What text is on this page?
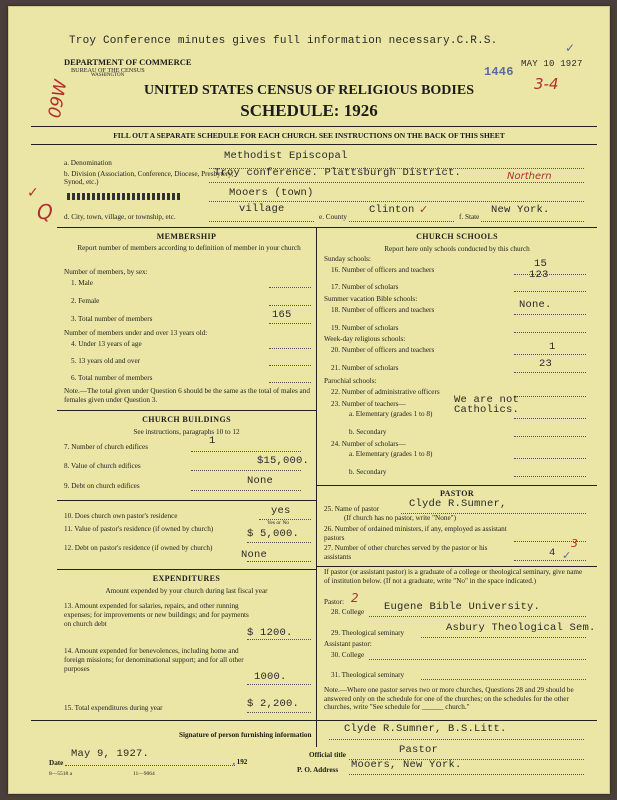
Troy Conference minutes gives full information necessary.C.R.S.	✓
1446
MAY 10 1927
3-4
DEPARTMENT OF COMMERCE
BUREAU OF THE CENSUS
WASHINGTON
09W	UNITED STATES CENSUS OF RELIGIOUS BODIES
SCHEDULE: 1926
FILL OUT A SEPARATE SCHEDULE FOR EACH CHURCH. SEE INSTRUCTIONS ON THE BACK OF THIS SHEET
a. Denomination
Methodist Episcopal
b. Division (Association, Conference, Diocese, Presbytery, Synod, etc.)
Troy conference. Plattsburgh District.	Northern
✓	Mooers (town)
Q d. City, town, village, or township, etc.
village
e. County
Clinton ✓
f. State
New York.
MEMBERSHIP
Report number of members according to definition of member in your church
Number of members, by sex:
1. Male
2. Female
3. Total number of members	165
Number of members under and over 13 years old:
4. Under 13 years of age
5. 13 years old and over
6. Total number of members
Note.—The total given under Question 6 should be the same as the total of males and females given under Question 3.
CHURCH BUILDINGS
See instructions, paragraphs 10 to 12
7. Number of church edifices	1
8. Value of church edifices	$15,000.
9. Debt on church edifices	None
10. Does church own pastor's residence	yes
Yes or No
11. Value of pastor's residence (if owned by church)	$ 5,000.
12. Debt on pastor's residence (if owned by church)
None
EXPENDITURES
Amount expended by your church during last fiscal year
13. Amount expended for salaries, repairs, and other running expenses; for improvements or new buildings; and for payments on church debt
$ 1200.
14. Amount expended for benevolences, including home and foreign missions; for denominational support; and for all other purposes
1000.
15. Total expenditures during year	$ 2,200.
CHURCH SCHOOLS
Report here only schools conducted by this church
Sunday schools:
16. Number of officers and teachers	15
17. Number of scholars
123
Summer vacation Bible schools:
18. Number of officers and teachers	None.
19. Number of scholars
Week-day religious schools:
20. Number of officers and teachers	1
21. Number of scholars	23
Parochial schools:
22. Number of administrative officers
23. Number of teachers—	We are not Catholics.
a. Elementary (grades 1 to 8)
b. Secondary
24. Number of scholars—
a. Elementary (grades 1 to 8)
b. Secondary
PASTOR
25. Name of pastor	Clyde R.Sumner,
(If church has no pastor, write "None")
26. Number of ordained ministers, if any, employed as assistant pastors
27. Number of other churches served by the pastor or his assistants	4 ✓
3
If pastor (or assistant pastor) is a graduate of a college or theological seminary, give name of institution below. (If not a graduate, write "No" in the space indicated.)
Pastor: 2
28. College Eugene Bible University.
29. Theological seminary	Asbury Theological Sem.
Assistant pastor:
30. College
31. Theological seminary
Note.—Where one pastor serves two or more churches, Questions 28 and 29 should be answered only on the schedule for one of the churches; on the schedules for the other churches, write "See schedule for ______ church."
Signature of person furnishing information	Clyde R.Sumner, B.S.Litt.
Official title	Pastor
Date
May 9, 1927.
, 192
P. O. Address Mooers, New York.
8—5518 a	11—9064
